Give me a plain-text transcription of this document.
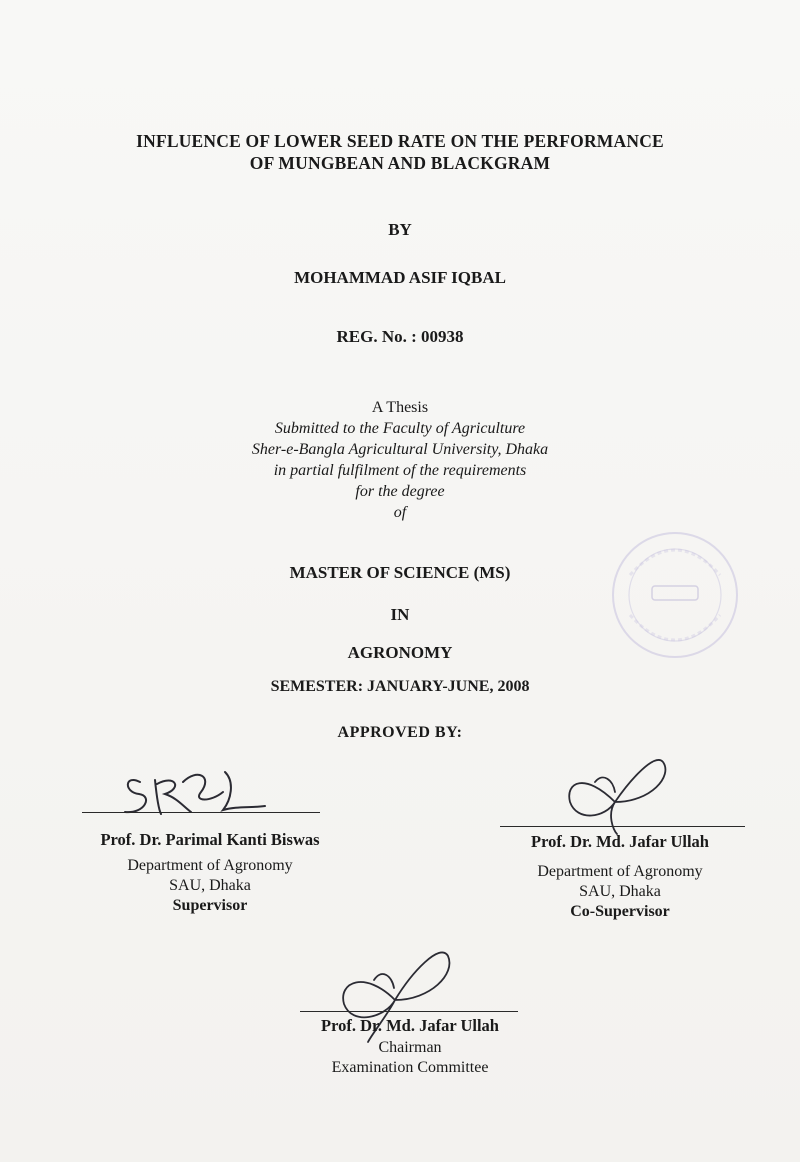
INFLUENCE OF LOWER SEED RATE ON THE PERFORMANCE
OF MUNGBEAN AND BLACKGRAM
BY
MOHAMMAD ASIF IQBAL
REG. No. : 00938
A Thesis
Submitted to the Faculty of Agriculture
Sher-e-Bangla Agricultural University, Dhaka
in partial fulfilment of the requirements
for the degree
of
MASTER OF SCIENCE (MS)
IN
AGRONOMY
SEMESTER: JANUARY-JUNE, 2008
APPROVED BY:
Prof. Dr. Parimal Kanti Biswas
Department of Agronomy
SAU, Dhaka
Supervisor
Prof. Dr. Md. Jafar Ullah
Department of Agronomy
SAU, Dhaka
Co-Supervisor
Prof. Dr. Md. Jafar Ullah
Chairman
Examination Committee
